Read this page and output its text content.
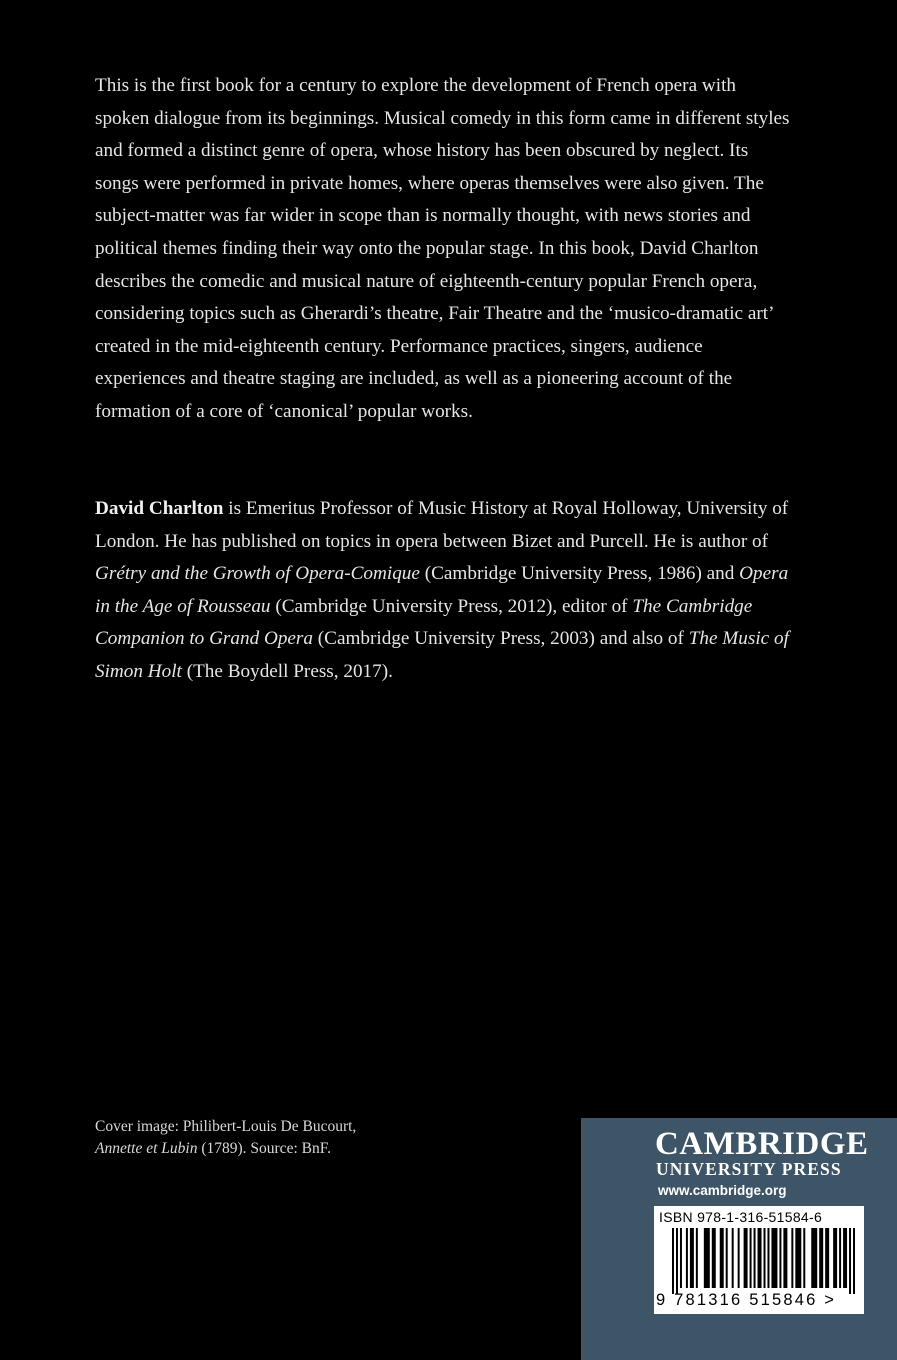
This is the first book for a century to explore the development of French opera with spoken dialogue from its beginnings. Musical comedy in this form came in different styles and formed a distinct genre of opera, whose history has been obscured by neglect. Its songs were performed in private homes, where operas themselves were also given. The subject-matter was far wider in scope than is normally thought, with news stories and political themes finding their way onto the popular stage. In this book, David Charlton describes the comedic and musical nature of eighteenth-century popular French opera, considering topics such as Gherardi’s theatre, Fair Theatre and the ‘musico-dramatic art’ created in the mid-eighteenth century. Performance practices, singers, audience experiences and theatre staging are included, as well as a pioneering account of the formation of a core of ‘canonical’ popular works.

David Charlton is Emeritus Professor of Music History at Royal Holloway, University of London. He has published on topics in opera between Bizet and Purcell. He is author of Grétry and the Growth of Opera-Comique (Cambridge University Press, 1986) and Opera in the Age of Rousseau (Cambridge University Press, 2012), editor of The Cambridge Companion to Grand Opera (Cambridge University Press, 2003) and also of The Music of Simon Holt (The Boydell Press, 2017).

Cover image: Philibert-Louis De Bucourt,
Annette et Lubin (1789). Source: BnF.	CAMBRIDGE

UNIVERSITY PRESS

www.cambridge.org

ISBN 978-1-316-51584-6

9 781316 515846 >
